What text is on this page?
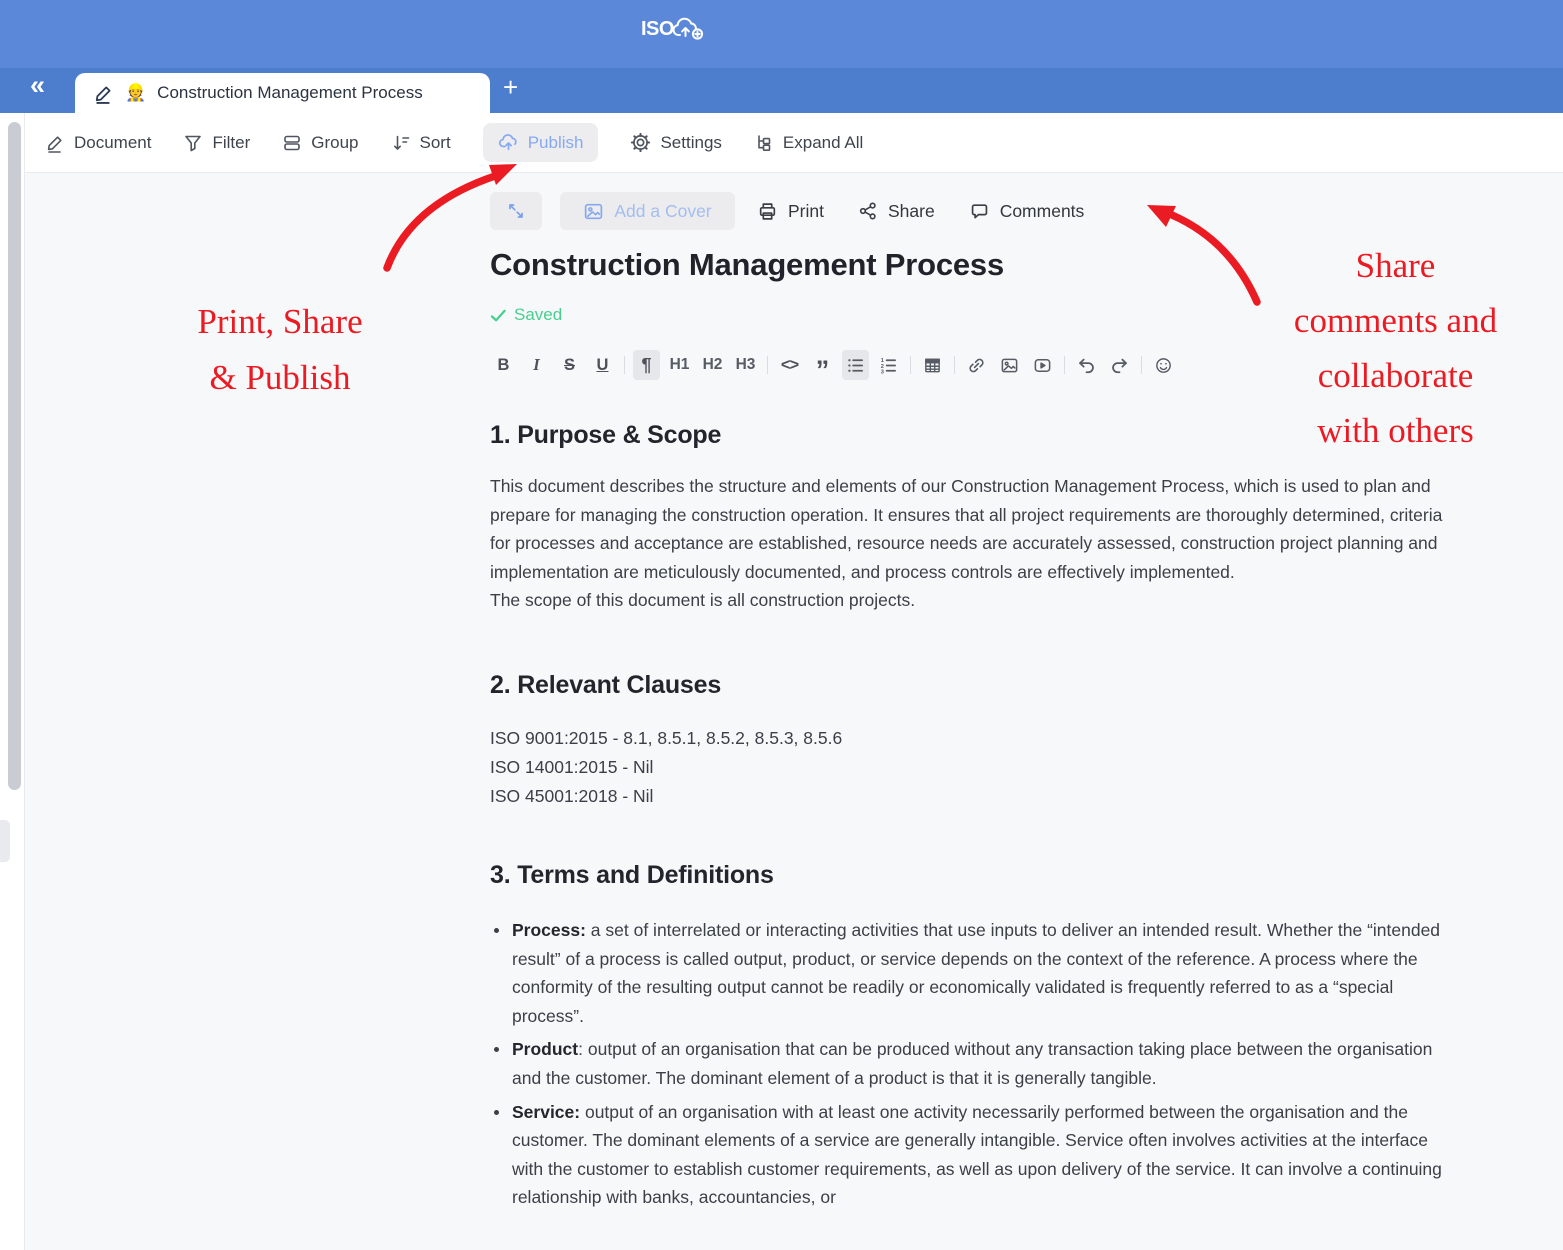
ISO
«	👷 Construction Management Process	+
Document	Filter	Group	Sort	Publish	Settings	Expand All
Add a Cover	Print	Share	Comments
Construction Management Process
Saved
B	I	S	U	¶	H1 H2 H3 <> ”	1
2
3
1. Purpose & Scope

This document describes the structure and elements of our Construction Management Process, which is used to plan and prepare for managing the construction operation. It ensures that all project requirements are thoroughly determined, criteria for processes and acceptance are established, resource needs are accurately assessed, construction project planning and implementation are meticulously documented, and process controls are effectively implemented.

The scope of this document is all construction projects.

2. Relevant Clauses

ISO 9001:2015 - 8.1, 8.5.1, 8.5.2, 8.5.3, 8.5.6

ISO 14001:2015 - Nil

ISO 45001:2018 - Nil

3. Terms and Definitions
Process: a set of interrelated or interacting activities that use inputs to deliver an intended result. Whether the “intended result” of a process is called output, product, or service depends on the context of the reference. A process where the conformity of the resulting output cannot be readily or economically validated is frequently referred to as a “special process”.
Product: output of an organisation that can be produced without any transaction taking place between the organisation and the customer. The dominant element of a product is that it is generally tangible.
Service: output of an organisation with at least one activity necessarily performed between the organisation and the customer. The dominant elements of a service are generally intangible. Service often involves activities at the interface with the customer to establish customer requirements, as well as upon delivery of the service. It can involve a continuing relationship with banks, accountancies, or
Print, Share
& Publish
Share
comments and
collaborate
with others
